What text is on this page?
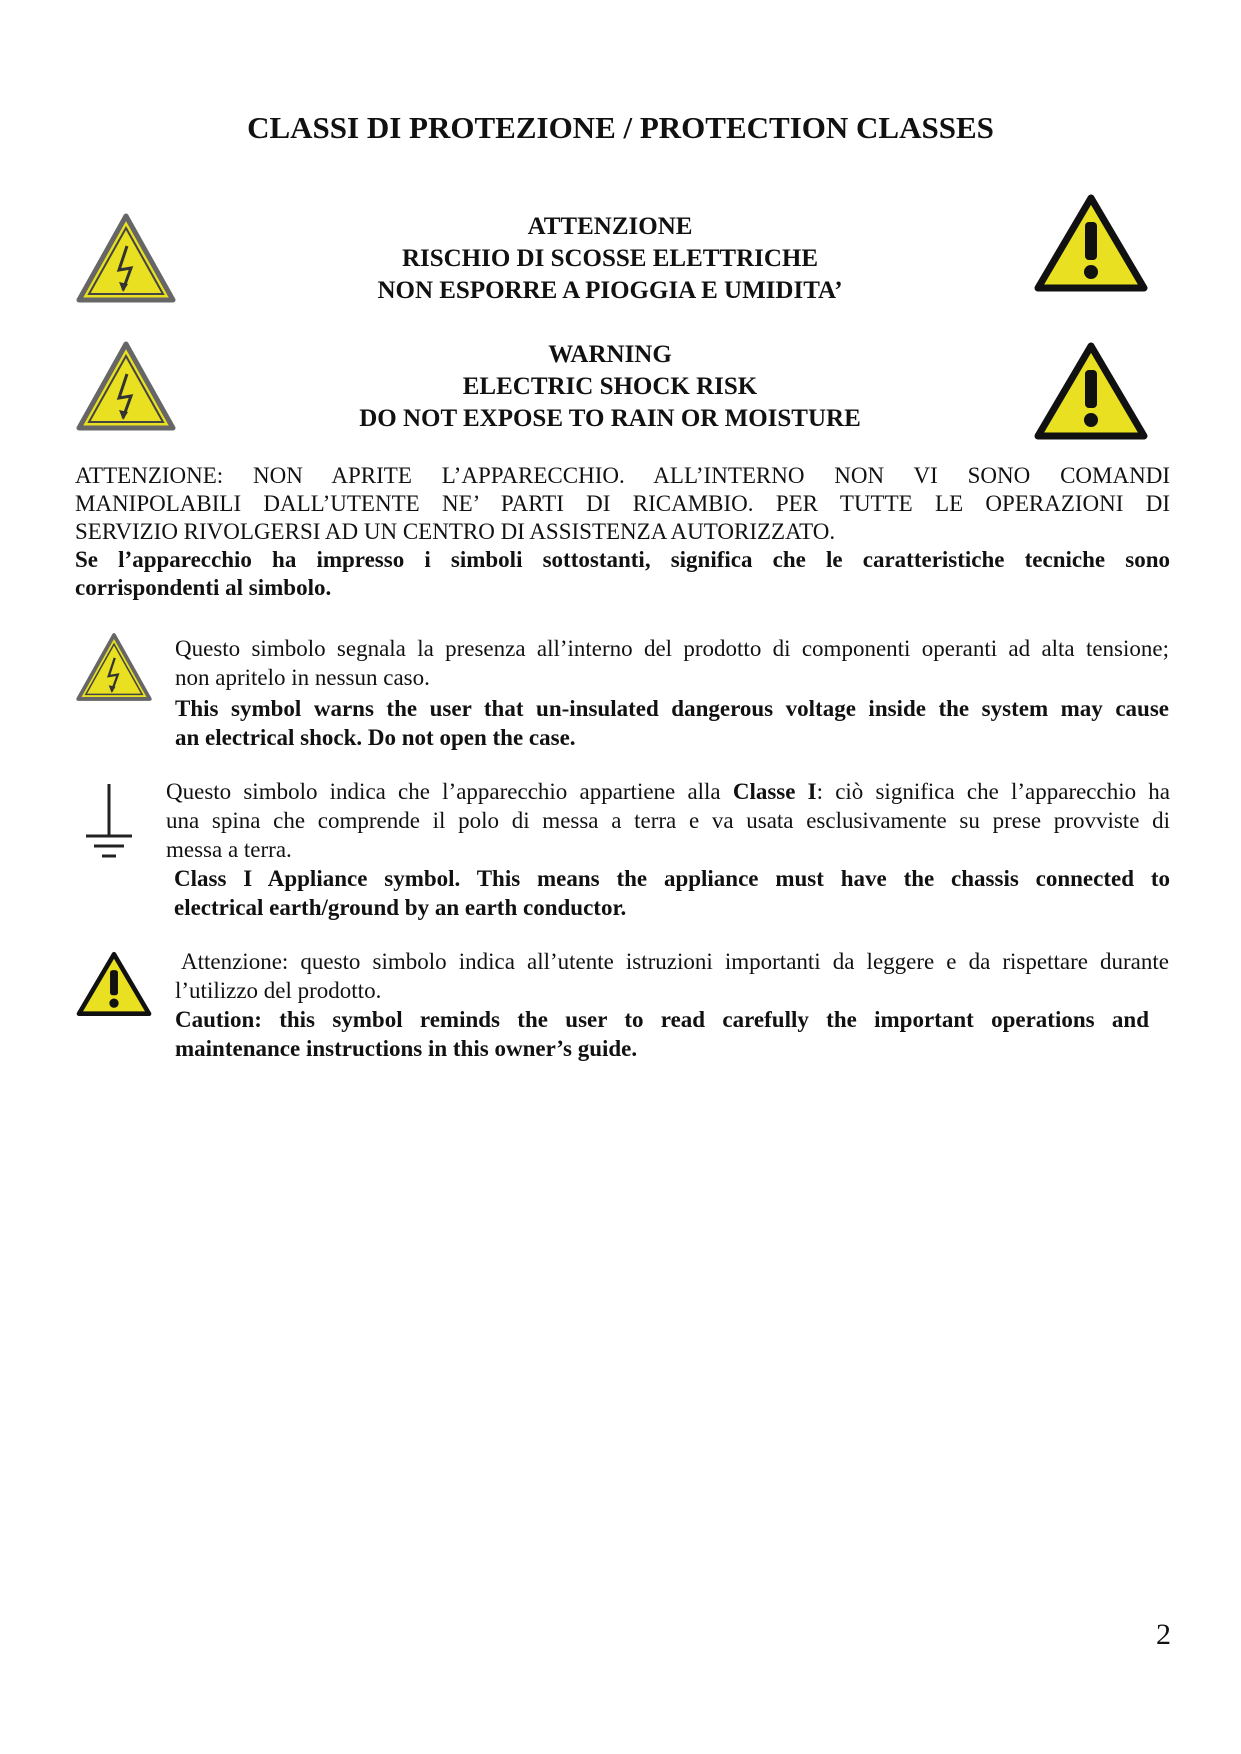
CLASSI DI PROTEZIONE / PROTECTION CLASSES
ATTENZIONE
RISCHIO DI SCOSSE ELETTRICHE
NON ESPORRE A PIOGGIA E UMIDITA’
WARNING
ELECTRIC SHOCK RISK
DO NOT EXPOSE TO RAIN OR MOISTURE
ATTENZIONE: NON APRITE L’APPARECCHIO. ALL’INTERNO NON VI SONO COMANDI
MANIPOLABILI DALL’UTENTE NE’ PARTI DI RICAMBIO. PER TUTTE LE OPERAZIONI DI
SERVIZIO RIVOLGERSI AD UN CENTRO DI ASSISTENZA AUTORIZZATO.
Se l’apparecchio ha impresso i simboli sottostanti, significa che le caratteristiche tecniche sono
corrispondenti al simbolo.
Questo simbolo segnala la presenza all’interno del prodotto di componenti operanti ad alta tensione;
non apritelo in nessun caso.
This symbol warns the user that un-insulated dangerous voltage inside the system may cause
an electrical shock. Do not open the case.
Questo simbolo indica che l’apparecchio appartiene alla Classe I: ciò significa che l’apparecchio ha
una spina che comprende il polo di messa a terra e va usata esclusivamente su prese provviste di
messa a terra.
Class I Appliance symbol. This means the appliance must have the chassis connected to
electrical earth/ground by an earth conductor.
Attenzione: questo simbolo indica all’utente istruzioni importanti da leggere e da rispettare durante
l’utilizzo del prodotto.
Caution: this symbol reminds the user to read carefully the important operations and
maintenance instructions in this owner’s guide.
2
